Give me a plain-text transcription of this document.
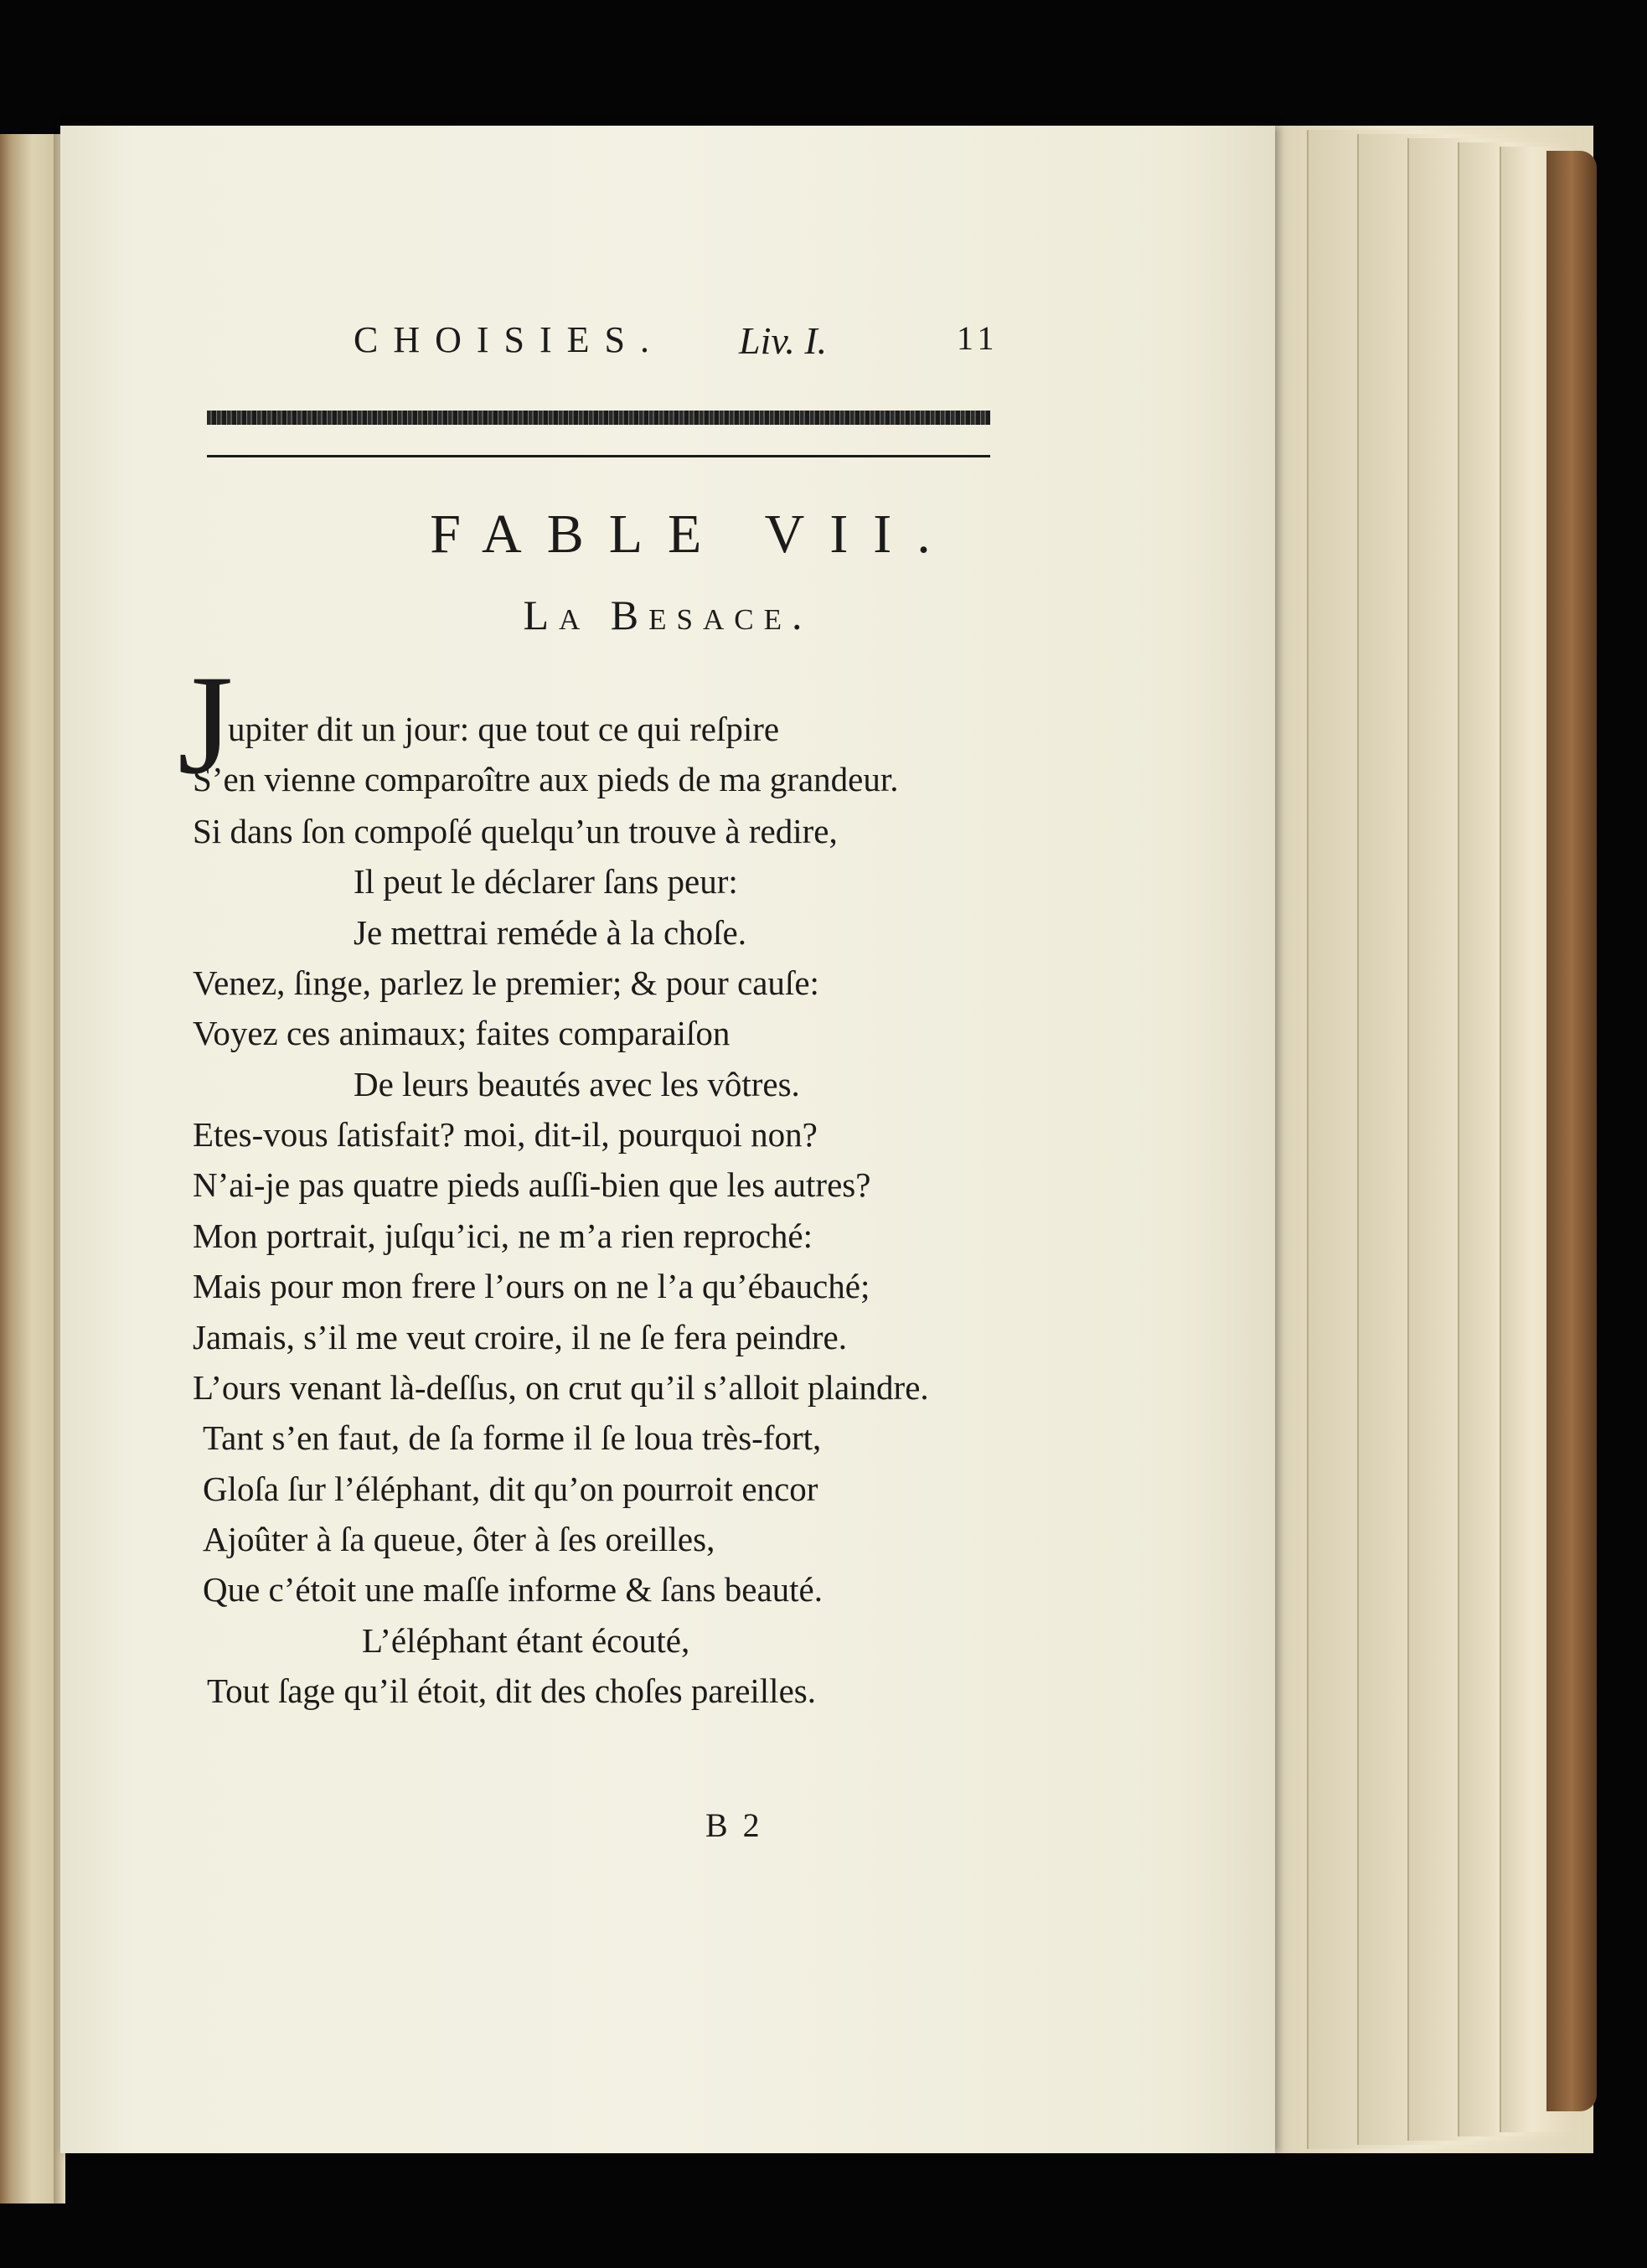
CHOISIES. Liv. I.	11
FABLE VII.
La Besace.
J
upiter dit un jour: que tout ce qui reſpire
S’en vienne comparoître aux pieds de ma grandeur.
Si dans ſon compoſé quelqu’un trouve à redire,
Il peut le déclarer ſans peur:
Je mettrai reméde à la choſe.
Venez, ſinge, parlez le premier; & pour cauſe:
Voyez ces animaux; faites comparaiſon
De leurs beautés avec les vôtres.
Etes-vous ſatisfait? moi, dit-il, pourquoi non?
N’ai-je pas quatre pieds auſſi-bien que les autres?
Mon portrait, juſqu’ici, ne m’a rien reproché:
Mais pour mon frere l’ours on ne l’a qu’ébauché;
Jamais, s’il me veut croire, il ne ſe fera peindre.
L’ours venant là-deſſus, on crut qu’il s’alloit plaindre.
Tant s’en faut, de ſa forme il ſe loua très-fort,
Gloſa ſur l’éléphant, dit qu’on pourroit encor
Ajoûter à ſa queue, ôter à ſes oreilles,
Que c’étoit une maſſe informe & ſans beauté.
L’éléphant étant écouté,
Tout ſage qu’il étoit, dit des choſes pareilles.
B 2
